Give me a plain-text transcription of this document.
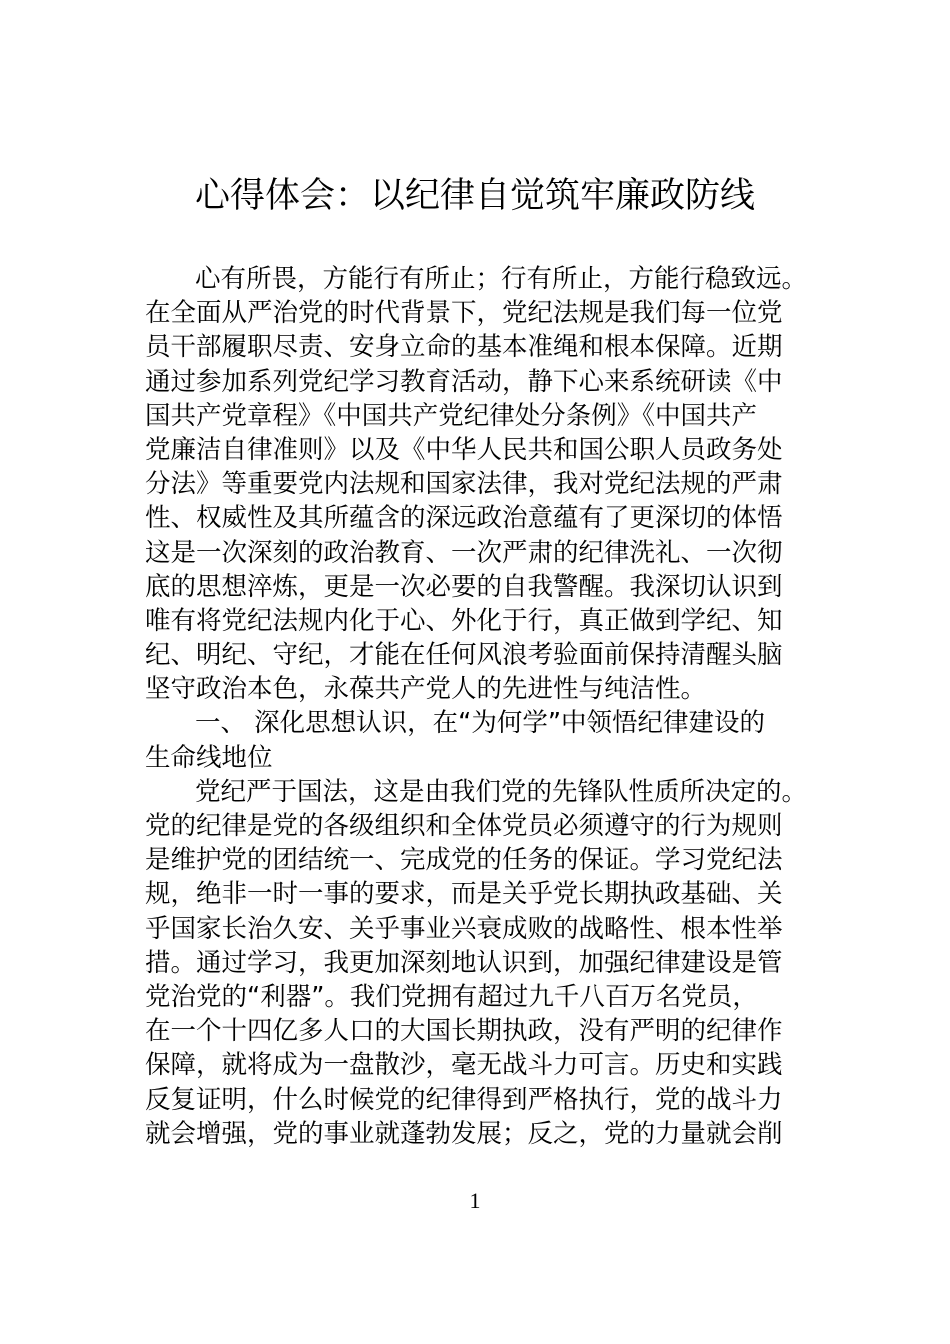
心得体会：以纪律自觉筑牢廉政防线
心有所畏，方能行有所止；行有所止，方能行稳致远。
在全面从严治党的时代背景下，党纪法规是我们每一位党
员干部履职尽责、安身立命的基本准绳和根本保障。近期
通过参加系列党纪学习教育活动，静下心来系统研读《中
国共产党章程》《中国共产党纪律处分条例》《中国共产
党廉洁自律准则》以及《中华人民共和国公职人员政务处
分法》等重要党内法规和国家法律，我对党纪法规的严肃
性、权威性及其所蕴含的深远政治意蕴有了更深切的体悟
这是一次深刻的政治教育、一次严肃的纪律洗礼、一次彻
底的思想淬炼，更是一次必要的自我警醒。我深切认识到
唯有将党纪法规内化于心、外化于行，真正做到学纪、知
纪、明纪、守纪，才能在任何风浪考验面前保持清醒头脑
坚守政治本色，永葆共产党人的先进性与纯洁性。
一、 深化思想认识，在“为何学”中领悟纪律建设的
生命线地位
党纪严于国法，这是由我们党的先锋队性质所决定的。
党的纪律是党的各级组织和全体党员必须遵守的行为规则
是维护党的团结统一、完成党的任务的保证。学习党纪法
规，绝非一时一事的要求，而是关乎党长期执政基础、关
乎国家长治久安、关乎事业兴衰成败的战略性、根本性举
措。通过学习，我更加深刻地认识到，加强纪律建设是管
党治党的“利器”。我们党拥有超过九千八百万名党员，
在一个十四亿多人口的大国长期执政，没有严明的纪律作
保障，就将成为一盘散沙，毫无战斗力可言。历史和实践
反复证明，什么时候党的纪律得到严格执行，党的战斗力
就会增强，党的事业就蓬勃发展；反之，党的力量就会削
1
